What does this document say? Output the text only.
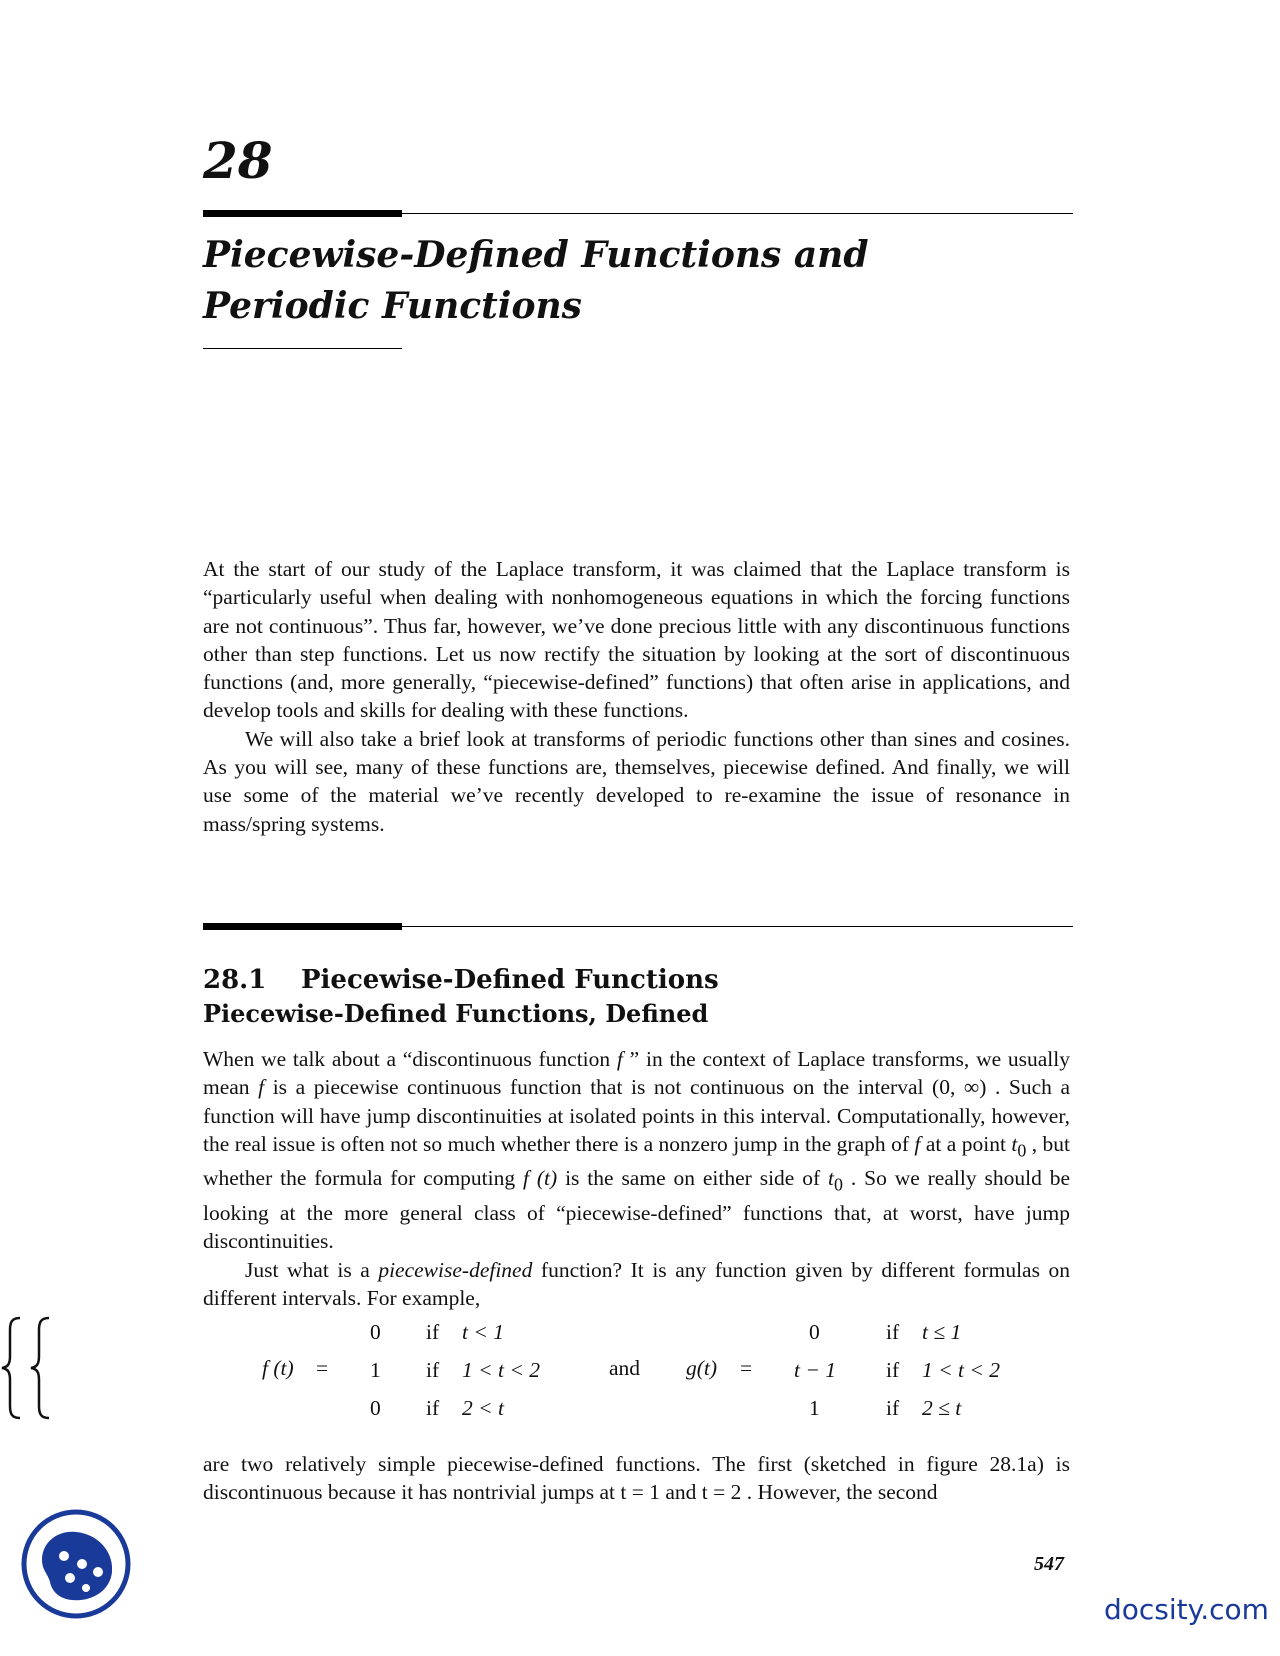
28
Piecewise-Defined Functions and
Periodic Functions

At the start of our study of the Laplace transform, it was claimed that the Laplace transform is “particularly useful when dealing with nonhomogeneous equations in which the forcing functions are not continuous”. Thus far, however, we’ve done precious little with any discontinuous functions other than step functions. Let us now rectify the situation by looking at the sort of discontinuous functions (and, more generally, “piecewise-defined” functions) that often arise in applications, and develop tools and skills for dealing with these functions.

We will also take a brief look at transforms of periodic functions other than sines and cosines. As you will see, many of these functions are, themselves, piecewise defined. And finally, we will use some of the material we’ve recently developed to re-examine the issue of resonance in mass/spring systems.

28.1 Piecewise-Defined Functions
Piecewise-Defined Functions, Defined

When we talk about a “discontinuous function f ” in the context of Laplace transforms, we usually mean f is a piecewise continuous function that is not continuous on the interval (0, ∞) . Such a function will have jump discontinuities at isolated points in this interval. Computationally, however, the real issue is often not so much whether there is a nonzero jump in the graph of f at a point $t_0$ , but whether the formula for computing f (t) is the same on either side of $t_0$ . So we really should be looking at the more general class of “piecewise-defined” functions that, at worst, have jump discontinuities.

Just what is a piecewise-defined function? It is any function given by different formulas on different intervals. For example,

f (t) =

0 if t < 1
1 if 1 < t < 2
0 if 2 < t
and g(t) =
0	if t ≤ 1
t − 1 if 1 < t < 2
1	if 2 ≤ t

are two relatively simple piecewise-defined functions. The first (sketched in figure 28.1a) is discontinuous because it has nontrivial jumps at t = 1 and t = 2 . However, the second

547
docsity.com
